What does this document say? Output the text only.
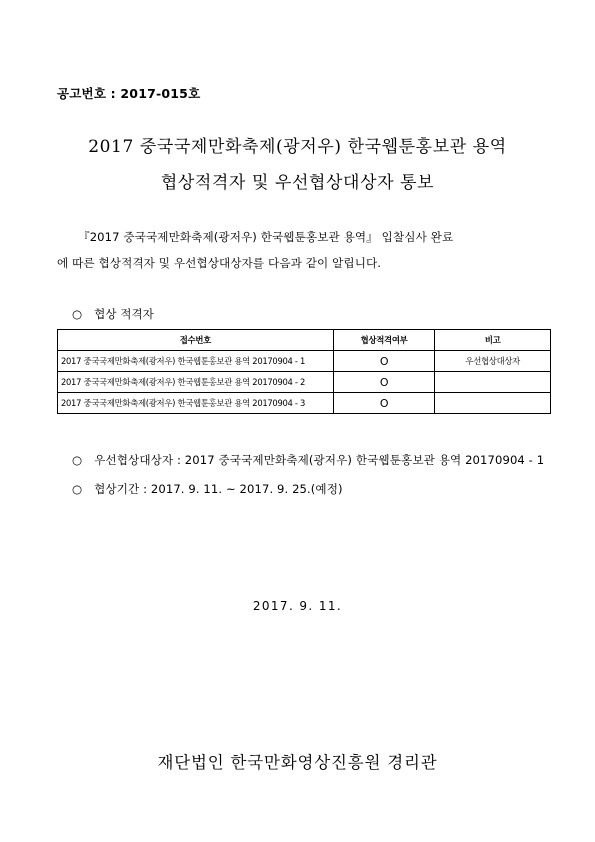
공고번호 : 2017-015호
2017 중국국제만화축제(광저우) 한국웹툰홍보관 용역
협상적격자 및 우선협상대상자 통보
『2017 중국국제만화축제(광저우) 한국웹툰홍보관 용역』 입찰심사 완료
에 따른 협상적격자 및 우선협상대상자를 다음과 같이 알립니다.
○ 협상 적격자
접수번호	협상적격여부	비고
2017 중국국제만화축제(광저우) 한국웹툰홍보관 용역 20170904 - 1	O	우선협상대상자
2017 중국국제만화축제(광저우) 한국웹툰홍보관 용역 20170904 - 2	O	
2017 중국국제만화축제(광저우) 한국웹툰홍보관 용역 20170904 - 3	O	
○ 우선협상대상자 : 2017 중국국제만화축제(광저우) 한국웹툰홍보관 용역 20170904 - 1
○ 협상기간 : 2017. 9. 11. ~ 2017. 9. 25.(예정)
2017. 9. 11.
재단법인 한국만화영상진흥원 경리관
